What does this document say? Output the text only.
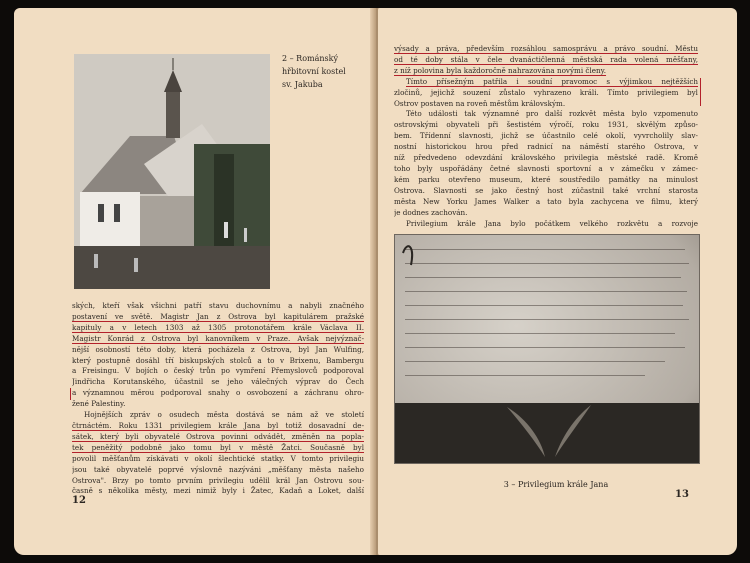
2 – Románský
hřbitovní kostel
sv. Jakuba
ských, kteří však všichni patří stavu duchovnímu a nabyli značného
postavení ve světě. Magistr Jan z Ostrova byl kapitulárem pražské
kapituly a v letech 1303 až 1305 protonotářem krále Václava II.
Magistr Konrád z Ostrova byl kanovníkem v Praze. Avšak nejvýznač-
nější osobností této doby, která pocházela z Ostrova, byl Jan Wulfing,
který postupně dosáhl tří biskupských stolců a to v Brixenu, Bambergu
a Freisingu. V bojích o český trůn po vymření Přemyslovců podporoval
Jindřicha Korutanského, účastnil se jeho válečných výprav do Čech
a významnou měrou podporoval snahy o osvobození a záchranu ohro-
žené Palestiny.
Hojnějších zpráv o osudech města dostává se nám až ve století
čtrnáctém. Roku 1331 privilegiem krále Jana byl totiž dosavadní de-
sátek, který byli obyvatelé Ostrova povinni odvádět, změněn na popla-
tek peněžitý podobně jako tomu byl v městě Žatci. Současně byl
povolil měšťanům získávati v okolí šlechtické statky. V tomto privilegiu
jsou také obyvatelé poprvé výslovně nazýváni „měšťany města našeho
Ostrova". Brzy po tomto prvním privilegiu udělil král Jan Ostrovu sou-
časně s několika městy, mezi nimiž byly i Žatec, Kadaň a Loket, další
12
výsady a práva, především rozsáhlou samosprávu a právo soudní. Městu
od té doby stála v čele dvanáctičlenná městská rada volená měšťany,
z níž polovina byla každoročně nahrazována novými členy.
Tímto přísežným patřila i soudní pravomoc s výjimkou nejtěžších
zločinů, jejichž souzení zůstalo vyhrazeno králi. Tímto privilegiem byl
Ostrov postaven na roveň městům královským.
Této události tak významné pro další rozkvět města bylo vzpomenuto
ostrovskými obyvateli při šestistém výročí, roku 1931, skvělým způso-
bem. Třídenní slavnosti, jichž se účastnilo celé okolí, vyvrcholily slav-
nostní historickou hrou před radnicí na náměstí starého Ostrova, v
níž předvedeno odevzdání královského privilegia městské radě. Kromě
toho byly uspořádány četné slavnosti sportovní a v zámečku v zámec-
kém parku otevřeno museum, které soustředilo památky na minulost
Ostrova. Slavnosti se jako čestný host zúčastnil také vrchní starosta
města New Yorku James Walker a tato byla zachycena ve filmu, který
je dodnes zachován.
Privilegium krále Jana bylo počátkem velkého rozkvětu a rozvoje
3 – Privilegium krále Jana
13
